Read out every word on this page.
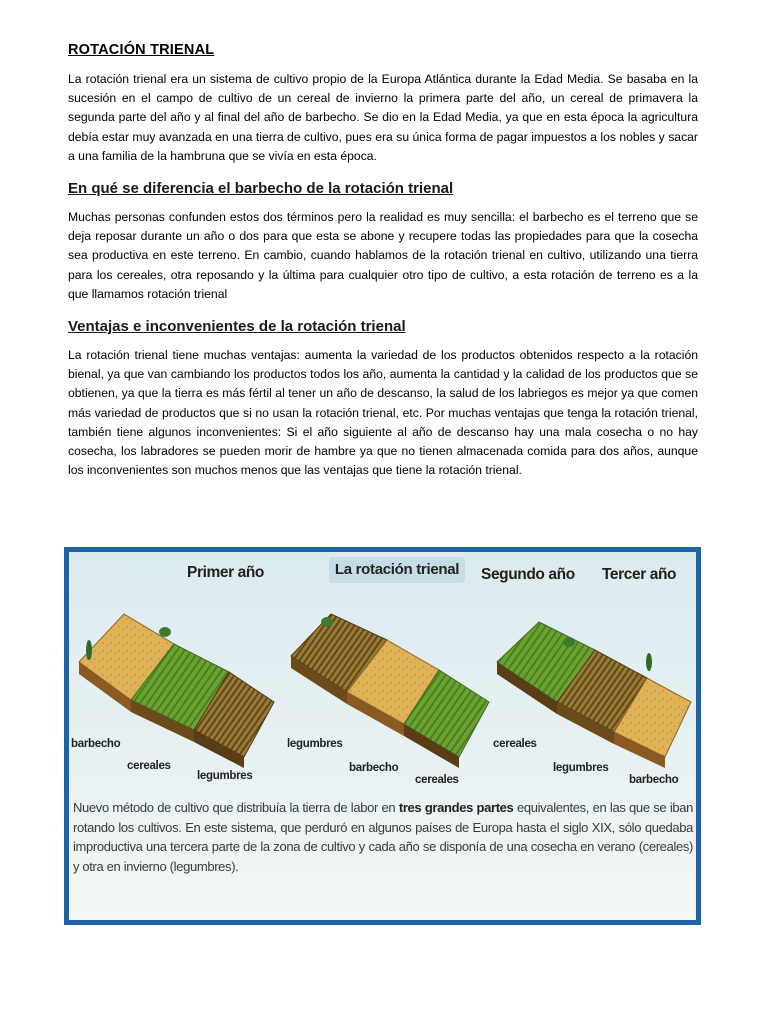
ROTACIÓN TRIENAL

La rotación trienal era un sistema de cultivo propio de la Europa Atlántica durante la Edad Media. Se basaba en la sucesión en el campo de cultivo de un cereal de invierno la primera parte del año, un cereal de primavera la segunda parte del año y al final del año de barbecho. Se dio en la Edad Media, ya que en esta época la agricultura debía estar muy avanzada en una tierra de cultivo, pues era su única forma de pagar impuestos a los nobles y sacar a una familia de la hambruna que se vivía en esta época.

En qué se diferencia el barbecho de la rotación trienal

Muchas personas confunden estos dos términos pero la realidad es muy sencilla: el barbecho es el terreno que se deja reposar durante un año o dos para que esta se abone y recupere todas las propiedades para que la cosecha sea productiva en este terreno. En cambio, cuando hablamos de la rotación trienal en cultivo, utilizando una tierra para los cereales, otra reposando y la última para cualquier otro tipo de cultivo, a esta rotación de terreno es a la que llamamos rotación trienal

Ventajas e inconvenientes de la rotación trienal

La rotación trienal tiene muchas ventajas: aumenta la variedad de los productos obtenidos respecto a la rotación bienal, ya que van cambiando los productos todos los año, aumenta la cantidad y la calidad de los productos que se obtienen, ya que la tierra es más fértil al tener un año de descanso, la salud de los labriegos es mejor ya que comen más variedad de productos que si no usan la rotación trienal, etc. Por muchas ventajas que tenga la rotación trienal, también tiene algunos inconvenientes: Si el año siguiente al año de descanso hay una mala cosecha o no hay cosecha, los labradores se pueden morir de hambre ya que no tienen almacenada comida para dos años, aunque los inconvenientes son muchos menos que las ventajas que tiene la rotación trienal.

La rotación trienal
Primer año	Segundo año Tercer año
barbecho
cereales
legumbres
legumbres
barbecho
cereales
cereales
legumbres
barbecho
Nuevo método de cultivo que distribuía la tierra de labor en tres grandes partes equivalentes, en las que se iban rotando los cultivos. En este sistema, que perduró en algunos países de Europa hasta el siglo XIX, sólo quedaba improductiva una tercera parte de la zona de cultivo y cada año se disponía de una cosecha en verano (cereales) y otra en invierno (legumbres).
